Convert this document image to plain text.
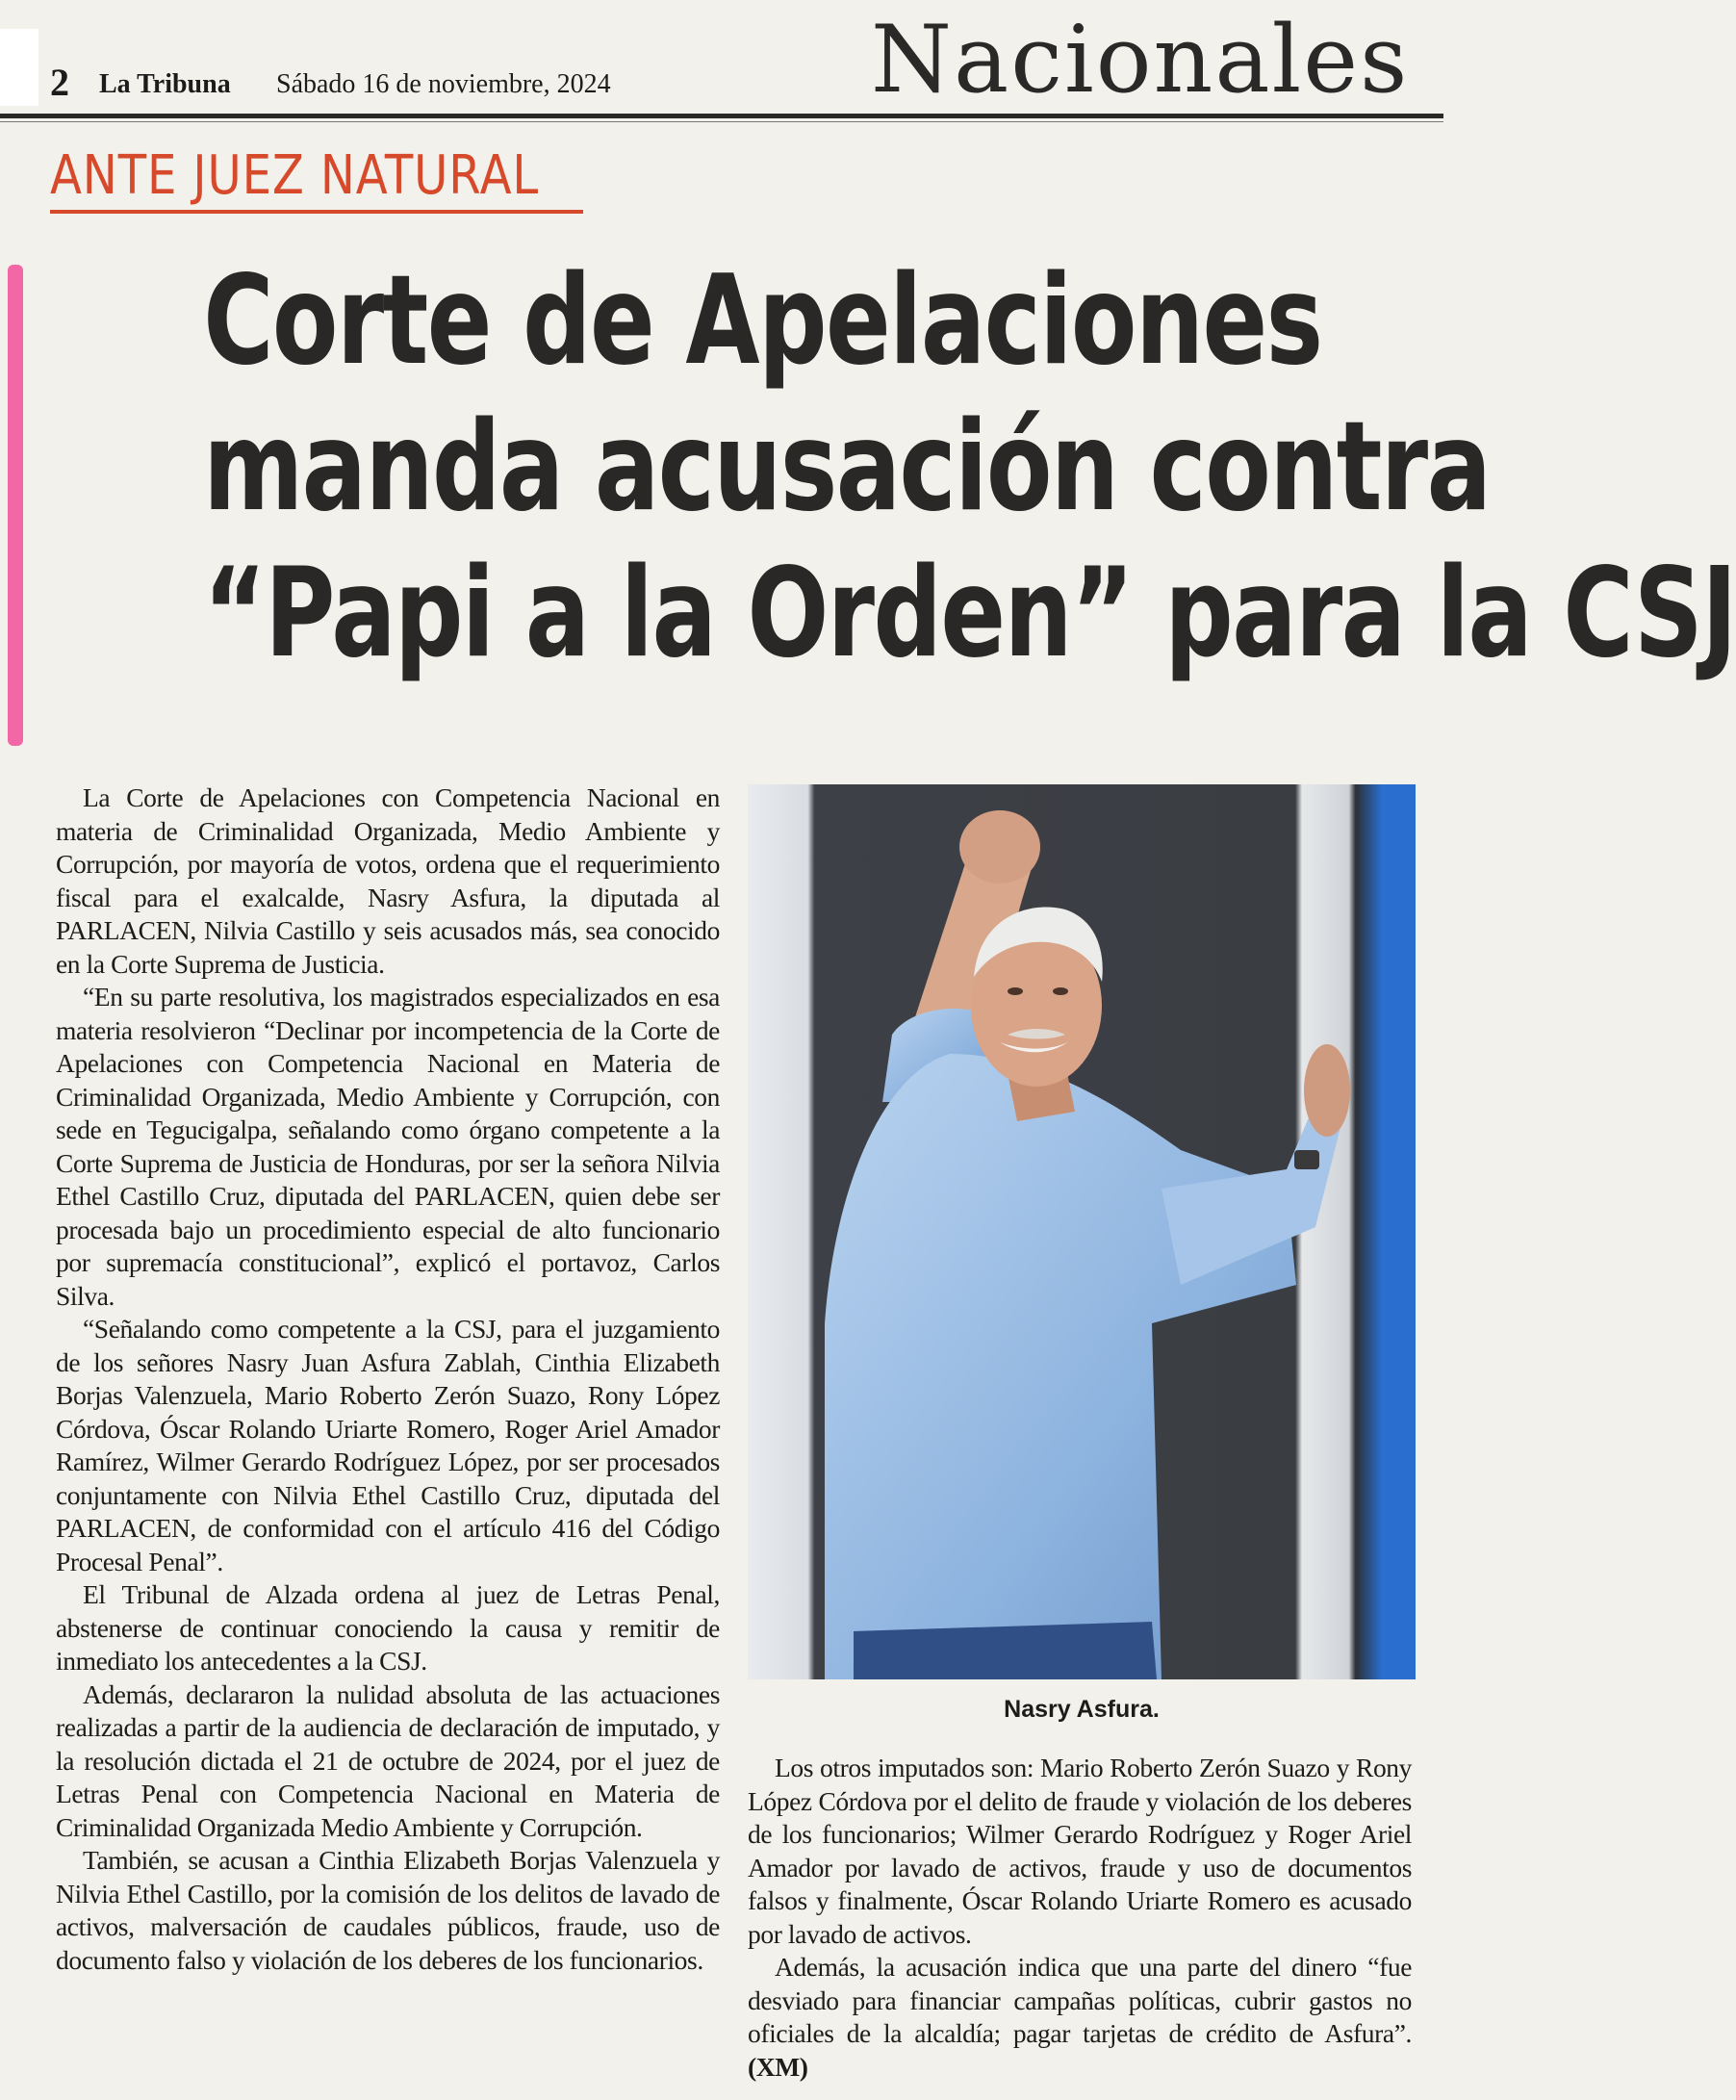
2 La Tribuna Sábado 16 de noviembre, 2024	Nacionales
ANTE JUEZ NATURAL
Corte de Apelaciones
manda acusación contra
“Papi a la Orden” para la CSJ

La Corte de Apelaciones con Competencia Nacional en materia de Criminalidad Organizada, Medio Ambiente y Corrupción, por mayoría de votos, ordena que el requerimiento fiscal para el exalcalde, Nasry Asfura, la diputada al PARLACEN, Nilvia Castillo y seis acusados más, sea conocido en la Corte Suprema de Justicia.

“En su parte resolutiva, los magistrados especializados en esa materia resolvieron “Declinar por incompetencia de la Corte de Apelaciones con Competencia Nacional en Materia de Criminalidad Organizada, Medio Ambiente y Corrupción, con sede en Tegucigalpa, señalando como órgano competente a la Corte Suprema de Justicia de Honduras, por ser la señora Nilvia Ethel Castillo Cruz, diputada del PARLACEN, quien debe ser procesada bajo un procedimiento especial de alto funcionario por supremacía constitucional”, explicó el portavoz, Carlos Silva.

“Señalando como competente a la CSJ, para el juzgamiento de los señores Nasry Juan Asfura Zablah, Cinthia Elizabeth Borjas Valenzuela, Mario Roberto Zerón Suazo, Rony López Córdova, Óscar Rolando Uriarte Romero, Roger Ariel Amador Ramírez, Wilmer Gerardo Rodríguez López, por ser procesados conjuntamente con Nilvia Ethel Castillo Cruz, diputada del PARLACEN, de conformidad con el artículo 416 del Código Procesal Penal”.

El Tribunal de Alzada ordena al juez de Letras Penal, abstenerse de continuar conociendo la causa y remitir de inmediato los antecedentes a la CSJ.

Además, declararon la nulidad absoluta de las actuaciones realizadas a partir de la audiencia de declaración de imputado, y la resolución dictada el 21 de octubre de 2024, por el juez de Letras Penal con Competencia Nacional en Materia de Criminalidad Organizada Medio Ambiente y Corrupción.

También, se acusan a Cinthia Elizabeth Borjas Valenzuela y Nilvia Ethel Castillo, por la comisión de los delitos de lavado de activos, malversación de caudales públicos, fraude, uso de documento falso y violación de los deberes de los funcionarios.

Nasry Asfura.

Los otros imputados son: Mario Roberto Zerón Suazo y Rony López Córdova por el delito de fraude y violación de los deberes de los funcionarios; Wilmer Gerardo Rodríguez y Roger Ariel Amador por lavado de activos, fraude y uso de documentos falsos y finalmente, Óscar Rolando Uriarte Romero es acusado por lavado de activos.

Además, la acusación indica que una parte del dinero “fue desviado para financiar campañas políticas, cubrir gastos no oficiales de la alcaldía; pagar tarjetas de crédito de Asfura”. (XM)
